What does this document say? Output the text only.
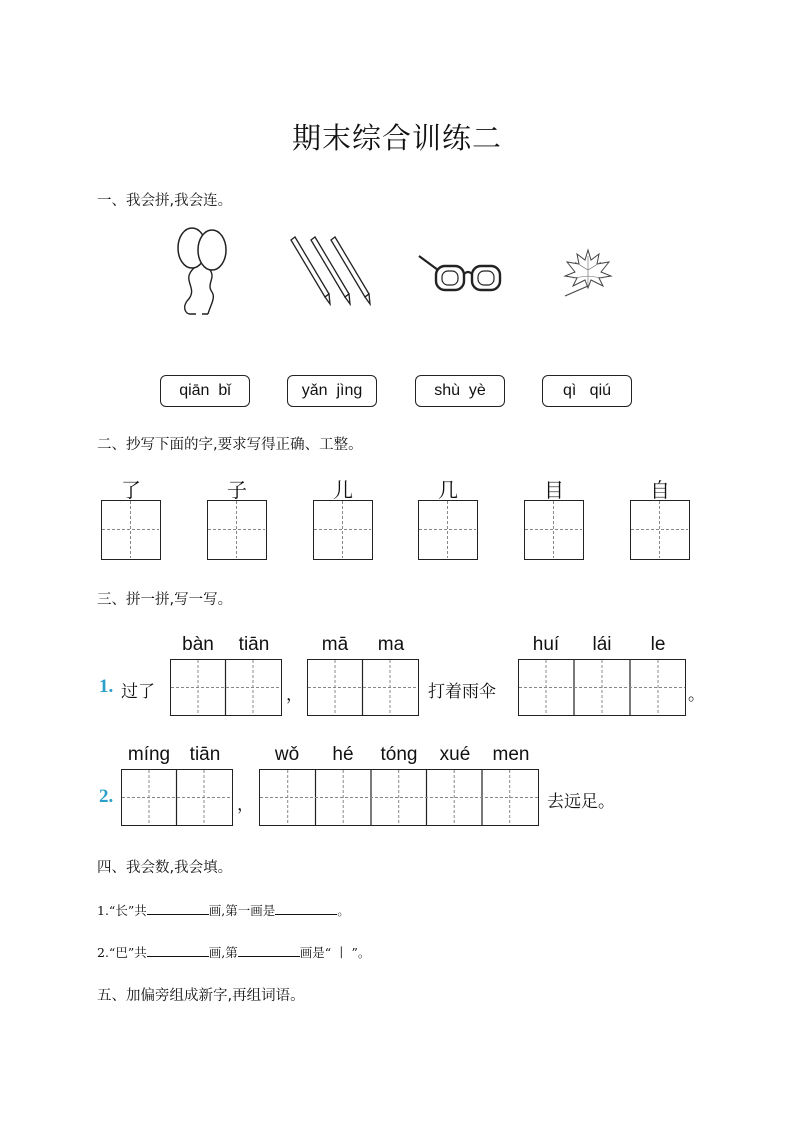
期末综合训练二
一、我会拼,我会连。
qiān  bǐ	yǎn  jìng	shù  yè	qì   qiú
二、抄写下面的字,要求写得正确、工整。
了	子	儿	几	目	自
三、拼一拼,写一写。
bàn	tiān	mā	ma	huí	lái	le
1. 过了	，	打着雨伞	。
míng	tiān	wǒ	hé	tóng	xué	men
2.	，	去远足。
四、我会数,我会填。
1.“长”共	画,第一画是	。
2.“巴”共	画,第	画是“ 丨 ”。
五、加偏旁组成新字,再组词语。
